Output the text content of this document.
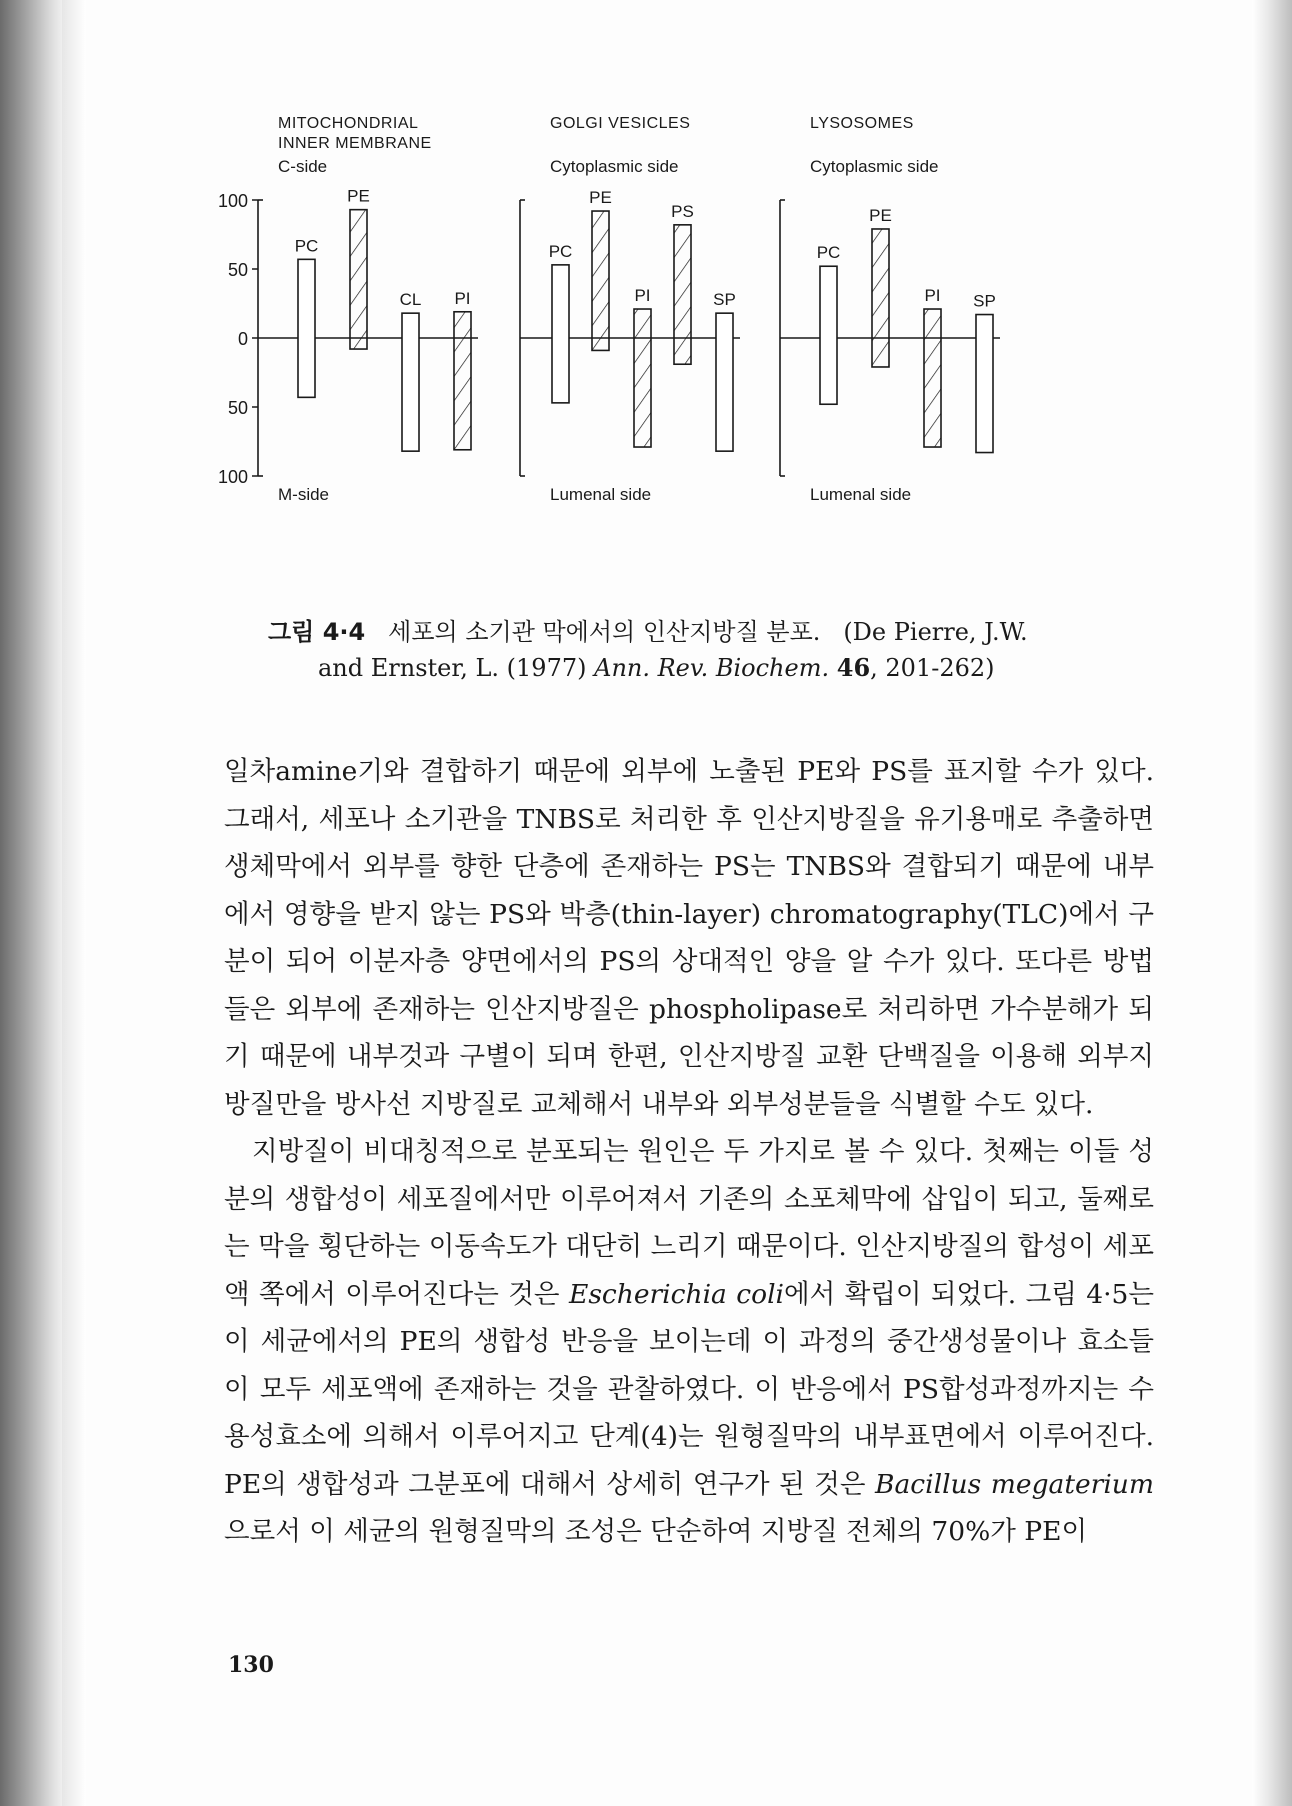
100
50
0
50
100
MITOCHONDRIAL
INNER MEMBRANE
C-side
M-side
PC
PE
CL PI
GOLGI VESICLES
Cytoplasmic side
Lumenal side
PC
PE
PI
PS
SP
LYSOSOMES
Cytoplasmic side
Lumenal side
PC
PE
PI SP
그림 4·4 세포의 소기관 막에서의 인산지방질 분포. (De Pierre, J.W.
and Ernster, L. (1977) Ann. Rev. Biochem. 46, 201-262)

일차amine기와 결합하기 때문에 외부에 노출된 PE와 PS를 표지할 수가 있다. 그래서, 세포나 소기관을 TNBS로 처리한 후 인산지방질을 유기용매로 추출하면 생체막에서 외부를 향한 단층에 존재하는 PS는 TNBS와 결합되기 때문에 내부에서 영향을 받지 않는 PS와 박층(thin-layer) chromatography(TLC)에서 구분이 되어 이분자층 양면에서의 PS의 상대적인 양을 알 수가 있다. 또다른 방법들은 외부에 존재하는 인산지방질은 phospholipase로 처리하면 가수분해가 되기 때문에 내부것과 구별이 되며 한편, 인산지방질 교환 단백질을 이용해 외부지방질만을 방사선 지방질로 교체해서 내부와 외부성분들을 식별할 수도 있다.

지방질이 비대칭적으로 분포되는 원인은 두 가지로 볼 수 있다. 첫째는 이들 성분의 생합성이 세포질에서만 이루어져서 기존의 소포체막에 삽입이 되고, 둘째로는 막을 횡단하는 이동속도가 대단히 느리기 때문이다. 인산지방질의 합성이 세포액 쪽에서 이루어진다는 것은 Escherichia coli에서 확립이 되었다. 그림 4·5는 이 세균에서의 PE의 생합성 반응을 보이는데 이 과정의 중간생성물이나 효소들이 모두 세포액에 존재하는 것을 관찰하였다. 이 반응에서 PS합성과정까지는 수용성효소에 의해서 이루어지고 단계(4)는 원형질막의 내부표면에서 이루어진다. PE의 생합성과 그분포에 대해서 상세히 연구가 된 것은 Bacillus megaterium으로서 이 세균의 원형질막의 조성은 단순하여 지방질 전체의 70%가 PE이

130
